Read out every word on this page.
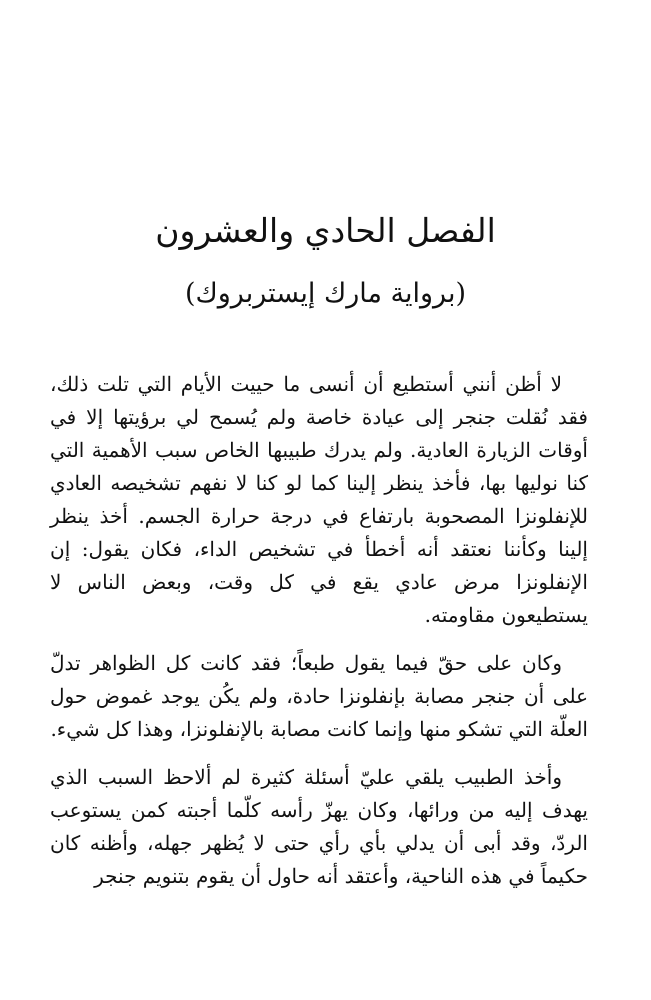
الفصل الحادي والعشرون
(برواية مارك إيستربروك)

لا أظن أنني أستطيع أن أنسى ما حييت الأيام التي تلت ذلك، فقد نُقلت جنجر إلى عيادة خاصة ولم يُسمح لي برؤيتها إلا في أوقات الزيارة العادية. ولم يدرك طبيبها الخاص سبب الأهمية التي كنا نوليها بها، فأخذ ينظر إلينا كما لو كنا لا نفهم تشخيصه العادي للإنفلونزا المصحوبة بارتفاع في درجة حرارة الجسم. أخذ ينظر إلينا وكأننا نعتقد أنه أخطأ في تشخيص الداء، فكان يقول: إن الإنفلونزا مرض عادي يقع في كل وقت، وبعض الناس لا يستطيعون مقاومته.

وكان على حقّ فيما يقول طبعاً؛ فقد كانت كل الظواهر تدلّ على أن جنجر مصابة بإنفلونزا حادة، ولم يكُن يوجد غموض حول العلّة التي تشكو منها وإنما كانت مصابة بالإنفلونزا، وهذا كل شيء.

وأخذ الطبيب يلقي عليّ أسئلة كثيرة لم ألاحظ السبب الذي يهدف إليه من ورائها، وكان يهزّ رأسه كلّما أجبته كمن يستوعب الردّ، وقد أبى أن يدلي بأي رأي حتى لا يُظهر جهله، وأظنه كان حكيماً في هذه الناحية، وأعتقد أنه حاول أن يقوم بتنويم جنجر
